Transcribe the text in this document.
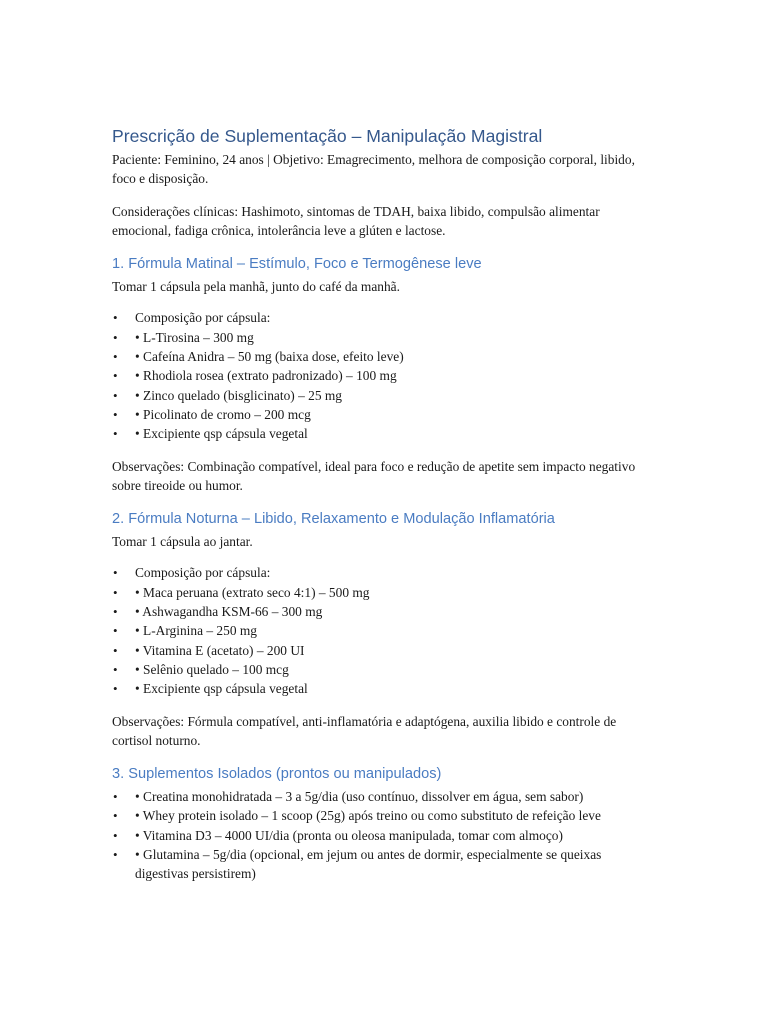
Prescrição de Suplementação – Manipulação Magistral

Paciente: Feminino, 24 anos | Objetivo: Emagrecimento, melhora de composição corporal, libido, foco e disposição.

Considerações clínicas: Hashimoto, sintomas de TDAH, baixa libido, compulsão alimentar emocional, fadiga crônica, intolerância leve a glúten e lactose.

1. Fórmula Matinal – Estímulo, Foco e Termogênese leve

Tomar 1 cápsula pela manhã, junto do café da manhã.

• Composição por cápsula:
• • L-Tirosina – 300 mg
• • Cafeína Anidra – 50 mg (baixa dose, efeito leve)
• • Rhodiola rosea (extrato padronizado) – 100 mg
• • Zinco quelado (bisglicinato) – 25 mg
• • Picolinato de cromo – 200 mcg
• • Excipiente qsp cápsula vegetal

Observações: Combinação compatível, ideal para foco e redução de apetite sem impacto negativo sobre tireoide ou humor.

2. Fórmula Noturna – Libido, Relaxamento e Modulação Inflamatória

Tomar 1 cápsula ao jantar.

• Composição por cápsula:
• • Maca peruana (extrato seco 4:1) – 500 mg
• • Ashwagandha KSM-66 – 300 mg
• • L-Arginina – 250 mg
• • Vitamina E (acetato) – 200 UI
• • Selênio quelado – 100 mcg
• • Excipiente qsp cápsula vegetal

Observações: Fórmula compatível, anti-inflamatória e adaptógena, auxilia libido e controle de cortisol noturno.

3. Suplementos Isolados (prontos ou manipulados)
• • Creatina monohidratada – 3 a 5g/dia (uso contínuo, dissolver em água, sem sabor)
• • Whey protein isolado – 1 scoop (25g) após treino ou como substituto de refeição leve
• • Vitamina D3 – 4000 UI/dia (pronta ou oleosa manipulada, tomar com almoço)
• • Glutamina – 5g/dia (opcional, em jejum ou antes de dormir, especialmente se queixas digestivas persistirem)
